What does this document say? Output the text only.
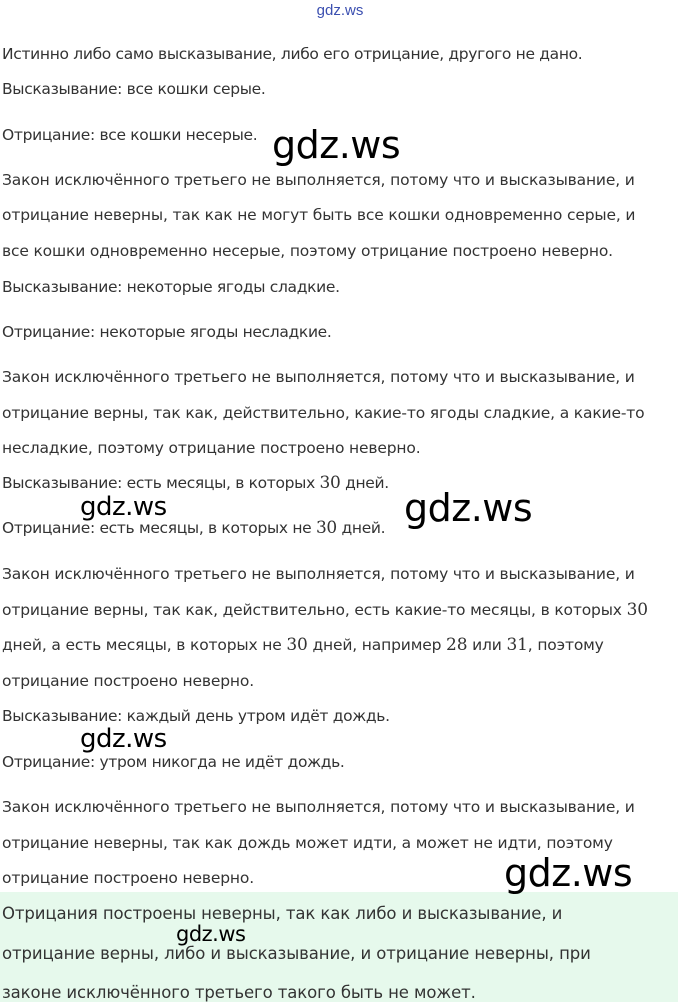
gdz.ws
Истинно либо само высказывание, либо его отрицание, другого не дано.
Высказывание: все кошки серые.
Отрицание: все кошки несерые.
Закон исключённого третьего не выполняется, потому что и высказывание, и
отрицание неверны, так как не могут быть все кошки одновременно серые, и
все кошки одновременно несерые, поэтому отрицание построено неверно.
Высказывание: некоторые ягоды сладкие.
Отрицание: некоторые ягоды несладкие.
Закон исключённого третьего не выполняется, потому что и высказывание, и
отрицание верны, так как, действительно, какие-то ягоды сладкие, а какие-то
несладкие, поэтому отрицание построено неверно.
Высказывание: есть месяцы, в которых 30 дней.
Отрицание: есть месяцы, в которых не 30 дней.
Закон исключённого третьего не выполняется, потому что и высказывание, и
отрицание верны, так как, действительно, есть какие-то месяцы, в которых 30
дней, а есть месяцы, в которых не 30 дней, например 28 или 31, поэтому
отрицание построено неверно.
Высказывание: каждый день утром идёт дождь.
Отрицание: утром никогда не идёт дождь.
Закон исключённого третьего не выполняется, потому что и высказывание, и
отрицание неверны, так как дождь может идти, а может не идти, поэтому
отрицание построено неверно.
Отрицания построены неверны, так как либо и высказывание, и
отрицание верны, либо и высказывание, и отрицание неверны, при
законе исключённого третьего такого быть не может.
gdz.ws
gdz.ws	gdz.ws
gdz.ws
gdz.ws
gdz.ws
